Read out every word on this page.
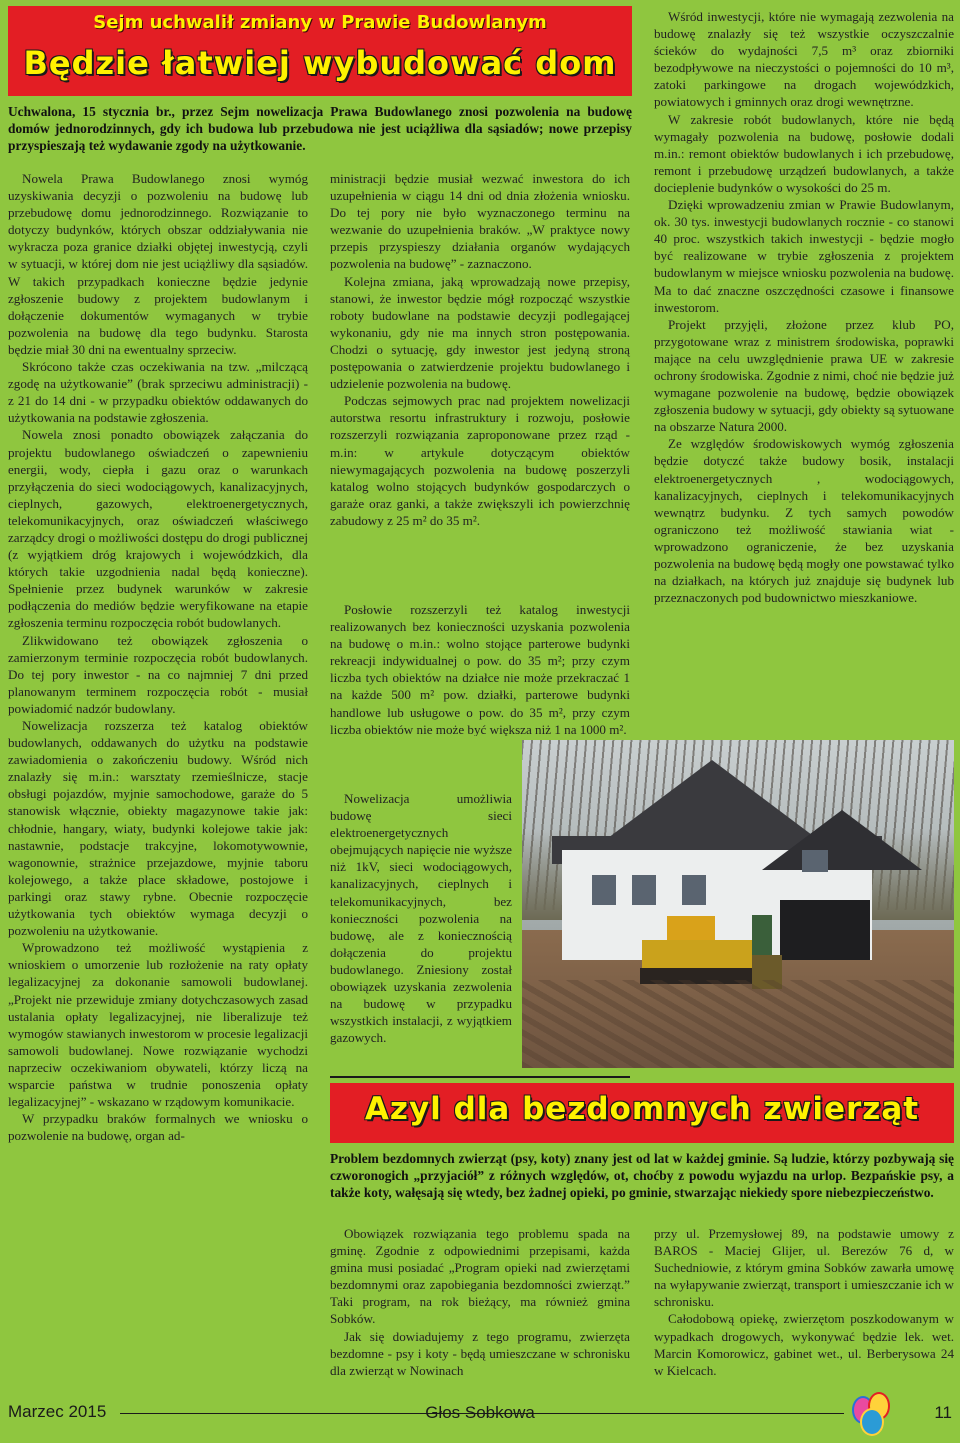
Sejm uchwalił zmiany w Prawie Budowlanym
Będzie łatwiej wybudować dom
Uchwalona, 15 stycznia br., przez Sejm nowelizacja Prawa Budowlanego znosi pozwolenia na budowę domów jednorodzinnych, gdy ich budowa lub przebudowa nie jest uciążliwa dla sąsiadów; nowe przepisy przyspieszają też wydawanie zgody na użytkowanie.

Nowela Prawa Budowlanego znosi wymóg uzyskiwania decyzji o pozwoleniu na budowę lub przebudowę domu jednorodzinnego. Rozwiązanie to dotyczy budynków, których obszar oddziaływania nie wykracza poza granice działki objętej inwestycją, czyli w sytuacji, w której dom nie jest uciążliwy dla sąsiadów. W takich przypadkach konieczne będzie jedynie zgłoszenie budowy z projektem budowlanym i dołączenie dokumentów wymaganych w trybie pozwolenia na budowę dla tego budynku. Starosta będzie miał 30 dni na ewentualny sprzeciw.

Skrócono także czas oczekiwania na tzw. „milczącą zgodę na użytkowanie” (brak sprzeciwu administracji) - z 21 do 14 dni - w przypadku obiektów oddawanych do użytkowania na podstawie zgłoszenia.

Nowela znosi ponadto obowiązek załączania do projektu budowlanego oświadczeń o zapewnieniu energii, wody, ciepła i gazu oraz o warunkach przyłączenia do sieci wodociągowych, kanalizacyjnych, cieplnych, gazowych, elektroenergetycznych, telekomunikacyjnych, oraz oświadczeń właściwego zarządcy drogi o możliwości dostępu do drogi publicznej (z wyjątkiem dróg krajowych i wojewódzkich, dla których takie uzgodnienia nadal będą konieczne). Spełnienie przez budynek warunków w zakresie podłączenia do mediów będzie weryfikowane na etapie zgłoszenia terminu rozpoczęcia robót budowlanych.

Zlikwidowano też obowiązek zgłoszenia o zamierzonym terminie rozpoczęcia robót budowlanych. Do tej pory inwestor - na co najmniej 7 dni przed planowanym terminem rozpoczęcia robót - musiał powiadomić nadzór budowlany.

Nowelizacja rozszerza też katalog obiektów budowlanych, oddawanych do użytku na podstawie zawiadomienia o zakończeniu budowy. Wśród nich znalazły się m.in.: warsztaty rzemieślnicze, stacje obsługi pojazdów, myjnie samochodowe, garaże do 5 stanowisk włącznie, obiekty magazynowe takie jak: chłodnie, hangary, wiaty, budynki kolejowe takie jak: nastawnie, podstacje trakcyjne, lokomotywownie, wagonownie, strażnice przejazdowe, myjnie taboru kolejowego, a także place składowe, postojowe i parkingi oraz stawy rybne. Obecnie rozpoczęcie użytkowania tych obiektów wymaga decyzji o pozwoleniu na użytkowanie.

Wprowadzono też możliwość wystąpienia z wnioskiem o umorzenie lub rozłożenie na raty opłaty legalizacyjnej za dokonanie samowoli budowlanej. „Projekt nie przewiduje zmiany dotychczasowych zasad ustalania opłaty legalizacyjnej, nie liberalizuje też wymogów stawianych inwestorom w procesie legalizacji samowoli budowlanej. Nowe rozwiązanie wychodzi naprzeciw oczekiwaniom obywateli, którzy liczą na wsparcie państwa w trudnie ponoszenia opłaty legalizacyjnej” - wskazano w rządowym komunikacie.

W przypadku braków formalnych we wniosku o pozwolenie na budowę, organ ad-

ministracji będzie musiał wezwać inwestora do ich uzupełnienia w ciągu 14 dni od dnia złożenia wniosku. Do tej pory nie było wyznaczonego terminu na wezwanie do uzupełnienia braków. „W praktyce nowy przepis przyspieszy działania organów wydających pozwolenia na budowę” - zaznaczono.

Kolejna zmiana, jaką wprowadzają nowe przepisy, stanowi, że inwestor będzie mógł rozpocząć wszystkie roboty budowlane na podstawie decyzji podlegającej wykonaniu, gdy nie ma innych stron postępowania. Chodzi o sytuację, gdy inwestor jest jedyną stroną postępowania o zatwierdzenie projektu budowlanego i udzielenie pozwolenia na budowę.

Podczas sejmowych prac nad projektem nowelizacji autorstwa resortu infrastruktury i rozwoju, posłowie rozszerzyli rozwiązania zaproponowane przez rząd - m.in: w artykule dotyczącym obiektów niewymagających pozwolenia na budowę poszerzyli katalog wolno stojących budynków gospodarczych o garaże oraz ganki, a także zwiększyli ich powierzchnię zabudowy z 25 m² do 35 m².

Posłowie rozszerzyli też katalog inwestycji realizowanych bez konieczności uzyskania pozwolenia na budowę o m.in.: wolno stojące parterowe budynki rekreacji indywidualnej o pow. do 35 m²; przy czym liczba tych obiektów na działce nie może przekraczać 1 na każde 500 m² pow. działki, parterowe budynki handlowe lub usługowe o pow. do 35 m², przy czym liczba obiektów nie może być większa niż 1 na 1000 m².

Nowelizacja umożliwia budowę sieci elektroenergetycznych obejmujących napięcie nie wyższe niż 1kV, sieci wodociągowych, kanalizacyjnych, cieplnych i telekomunikacyjnych, bez konieczności pozwolenia na budowę, ale z koniecznością dołączenia do projektu budowlanego. Zniesiony został obowiązek uzyskania zezwolenia na budowę w przypadku wszystkich instalacji, z wyjątkiem gazowych.

Wśród inwestycji, które nie wymagają zezwolenia na budowę znalazły się też wszystkie oczyszczalnie ścieków do wydajności 7,5 m³ oraz zbiorniki bezodpływowe na nieczystości o pojemności do 10 m³, zatoki parkingowe na drogach wojewódzkich, powiatowych i gminnych oraz drogi wewnętrzne.

W zakresie robót budowlanych, które nie będą wymagały pozwolenia na budowę, posłowie dodali m.in.: remont obiektów budowlanych i ich przebudowę, remont i przebudowę urządzeń budowlanych, a także docieplenie budynków o wysokości do 25 m.

Dzięki wprowadzeniu zmian w Prawie Budowlanym, ok. 30 tys. inwestycji budowlanych rocznie - co stanowi 40 proc. wszystkich takich inwestycji - będzie mogło być realizowane w trybie zgłoszenia z projektem budowlanym w miejsce wniosku pozwolenia na budowę. Ma to dać znaczne oszczędności czasowe i finansowe inwestorom.

Projekt przyjęli, złożone przez klub PO, przygotowane wraz z ministrem środowiska, poprawki mające na celu uwzględnienie prawa UE w zakresie ochrony środowiska. Zgodnie z nimi, choć nie będzie już wymagane pozwolenie na budowę, będzie obowiązek zgłoszenia budowy w sytuacji, gdy obiekty są sytuowane na obszarze Natura 2000.

Ze względów środowiskowych wymóg zgłoszenia będzie dotyczć także budowy bosik, instalacji elektroenergetycznych , wodociągowych, kanalizacyjnych, cieplnych i telekomunikacyjnych wewnątrz budynku. Z tych samych powodów ograniczono też możliwość stawiania wiat - wprowadzono ograniczenie, że bez uzyskania pozwolenia na budowę będą mogły one powstawać tylko na działkach, na których już znajduje się budynek lub przeznaczonych pod budownictwo mieszkaniowe.

Azyl dla bezdomnych zwierząt
Problem bezdomnych zwierząt (psy, koty) znany jest od lat w każdej gminie. Są ludzie, którzy pozbywają się czworonogich „przyjaciół” z różnych względów, ot, choćby z powodu wyjazdu na urlop. Bezpańskie psy, a także koty, wałęsają się wtedy, bez żadnej opieki, po gminie, stwarzając niekiedy spore niebezpieczeństwo.

Obowiązek rozwiązania tego problemu spada na gminę. Zgodnie z odpowiednimi przepisami, każda gmina musi posiadać „Program opieki nad zwierzętami bezdomnymi oraz zapobiegania bezdomności zwierząt.” Taki program, na rok bieżący, ma również gmina Sobków.

Jak się dowiadujemy z tego programu, zwierzęta bezdomne - psy i koty - będą umieszczane w schronisku dla zwierząt w Nowinach

przy ul. Przemysłowej 89, na podstawie umowy z BAROS - Maciej Glijer, ul. Berezów 76 d, w Suchedniowie, z którym gmina Sobków zawarła umowę na wyłapywanie zwierząt, transport i umieszczanie ich w schronisku.

Całodobową opiekę, zwierzętom poszkodowanym w wypadkach drogowych, wykonywać będzie lek. wet. Marcin Komorowicz, gabinet wet., ul. Berberysowa 24 w Kielcach.

Marzec 2015	Głos Sobkowa	11
